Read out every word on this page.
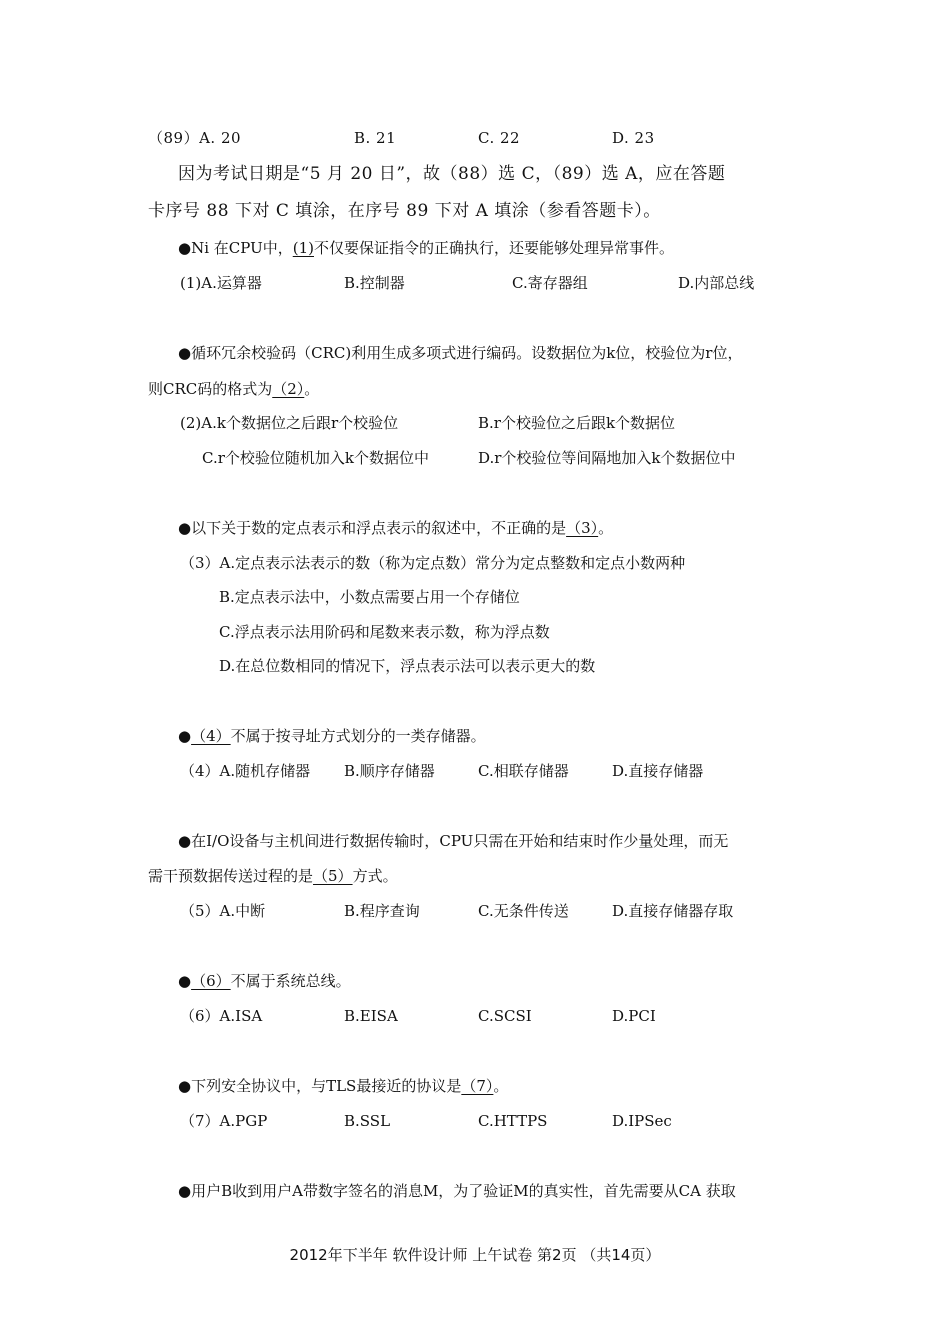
（89）A. 20	B. 21	C. 22	D. 23
因为考试日期是“5 月 20 日”，故（88）选 C，（89）选 A，应在答题
卡序号 88 下对 C 填涂，在序号 89 下对 A 填涂（参看答题卡）。
●Ni 在CPU中，(1)不仅要保证指令的正确执行，还要能够处理异常事件。
(1)A.运算器	B.控制器	C.寄存器组	D.内部总线
●循环冗余校验码（CRC)利用生成多项式进行编码。设数据位为k位，校验位为r位，
则CRC码的格式为（2）。
(2)A.k个数据位之后跟r个校验位	B.r个校验位之后跟k个数据位
C.r个校验位随机加入k个数据位中	D.r个校验位等间隔地加入k个数据位中
●以下关于数的定点表示和浮点表示的叙述中，不正确的是（3）。
（3）A.定点表示法表示的数（称为定点数）常分为定点整数和定点小数两种
B.定点表示法中，小数点需要占用一个存储位
C.浮点表示法用阶码和尾数来表示数，称为浮点数
D.在总位数相同的情况下，浮点表示法可以表示更大的数
●（4）不属于按寻址方式划分的一类存储器。
（4）A.随机存储器 B.顺序存储器	C.相联存储器	D.直接存储器
●在I/O设备与主机间进行数据传输时，CPU只需在开始和结束时作少量处理，而无
需干预数据传送过程的是（5）方式。
（5）A.中断	B.程序查询	C.无条件传送	D.直接存储器存取
●（6）不属于系统总线。
（6）A.ISA	B.EISA	C.SCSI	D.PCI
●下列安全协议中，与TLS最接近的协议是（7）。
（7）A.PGP	B.SSL	C.HTTPS	D.IPSec
●用户B收到用户A带数字签名的消息M，为了验证M的真实性，首先需要从CA 获取
2012年下半年 软件设计师 上午试卷 第2页 （共14页）
